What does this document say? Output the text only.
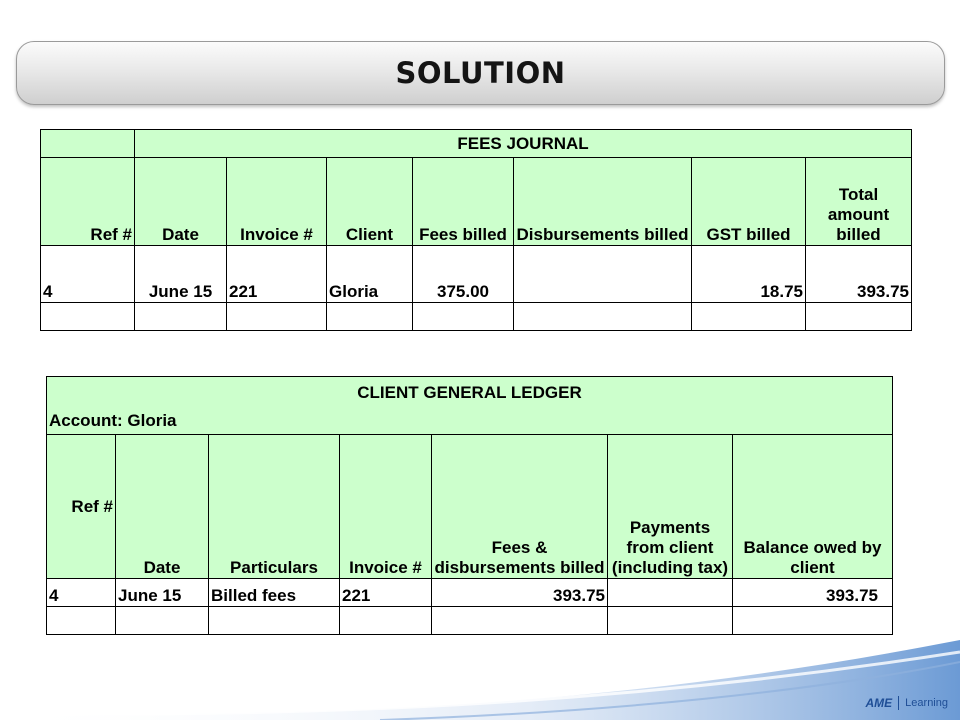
SOLUTION
	FEES JOURNAL						
Ref #	Date	Invoice #	Client	Fees billed	Disbursements billed	GST billed	Total amount billed
4	June 15	221	Gloria	375.00		18.75	393.75

CLIENT GENERAL LEDGER
Account: Gloria						

Ref #	Date	Particulars	Invoice #	Fees & disbursements billed	Payments from client (including tax)	Balance owed by client
4	June 15	Billed fees	221	393.75		393.75

AME Learning
